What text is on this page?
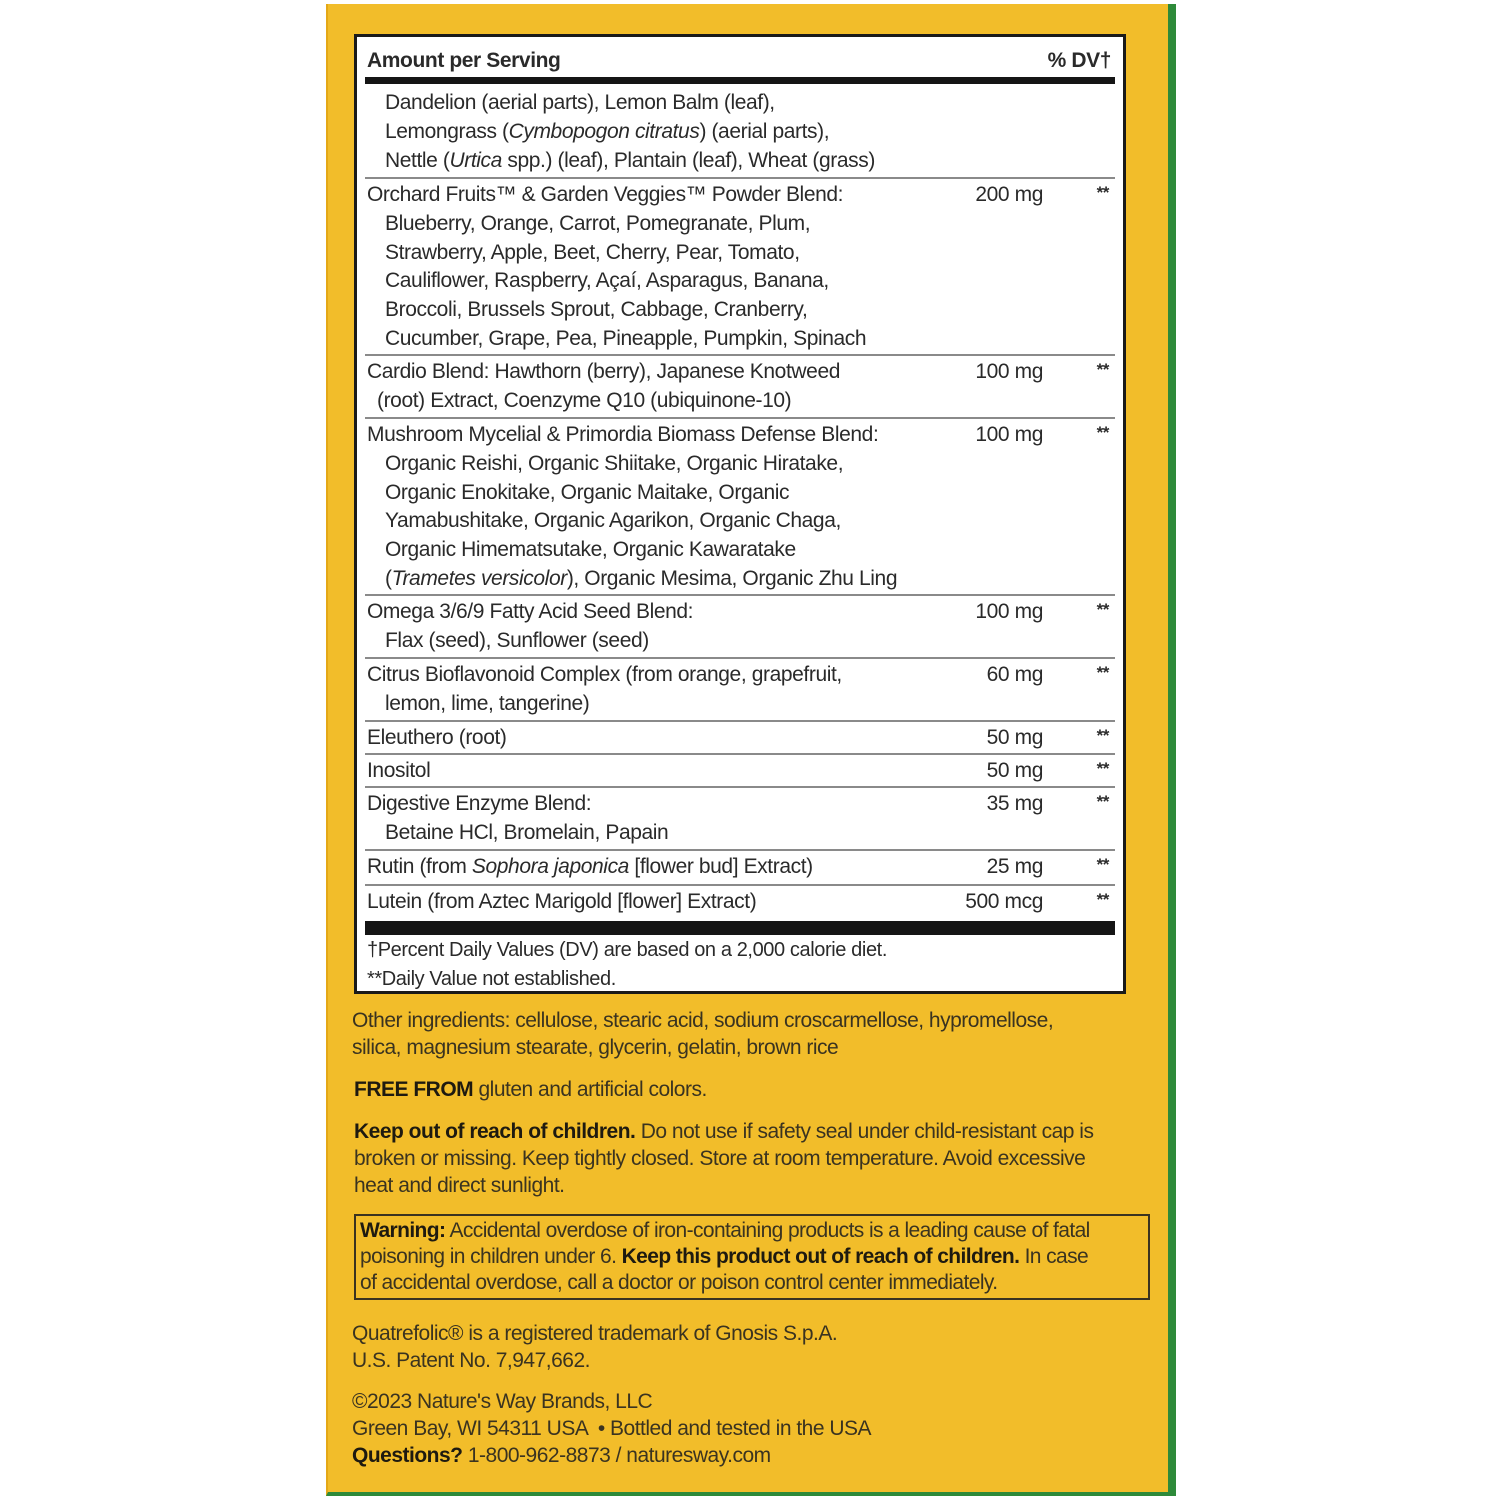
Amount per Serving	% DV†
Dandelion (aerial parts), Lemon Balm (leaf),
Lemongrass (Cymbopogon citratus) (aerial parts),
Nettle (Urtica spp.) (leaf), Plantain (leaf), Wheat (grass)
Orchard Fruits™ & Garden Veggies™ Powder Blend:
Blueberry, Orange, Carrot, Pomegranate, Plum,
Strawberry, Apple, Beet, Cherry, Pear, Tomato,
Cauliflower, Raspberry, Açaí, Asparagus, Banana,
Broccoli, Brussels Sprout, Cabbage, Cranberry,
Cucumber, Grape, Pea, Pineapple, Pumpkin, Spinach
200 mg	**
Cardio Blend: Hawthorn (berry), Japanese Knotweed
(root) Extract, Coenzyme Q10 (ubiquinone-10)
100 mg	**
Mushroom Mycelial & Primordia Biomass Defense Blend:
Organic Reishi, Organic Shiitake, Organic Hiratake,
Organic Enokitake, Organic Maitake, Organic
Yamabushitake, Organic Agarikon, Organic Chaga,
Organic Himematsutake, Organic Kawaratake
(Trametes versicolor), Organic Mesima, Organic Zhu Ling
100 mg	**
Omega 3/6/9 Fatty Acid Seed Blend:
Flax (seed), Sunflower (seed)
100 mg	**
Citrus Bioflavonoid Complex (from orange, grapefruit,
lemon, lime, tangerine)
60 mg	**
Eleuthero (root)	50 mg	**
Inositol	50 mg	**
Digestive Enzyme Blend:
Betaine HCl, Bromelain, Papain
35 mg	**
Rutin (from Sophora japonica [flower bud] Extract)	25 mg	**
Lutein (from Aztec Marigold [flower] Extract)	500 mcg	**
†Percent Daily Values (DV) are based on a 2,000 calorie diet.
**Daily Value not established.
Other ingredients: cellulose, stearic acid, sodium croscarmellose, hypromellose,
silica, magnesium stearate, glycerin, gelatin, brown rice
FREE FROM gluten and artificial colors.
Keep out of reach of children. Do not use if safety seal under child-resistant cap is
broken or missing. Keep tightly closed. Store at room temperature. Avoid excessive
heat and direct sunlight.
Warning: Accidental overdose of iron-containing products is a leading cause of fatal
poisoning in children under 6. Keep this product out of reach of children. In case
of accidental overdose, call a doctor or poison control center immediately.
Quatrefolic® is a registered trademark of Gnosis S.p.A.
U.S. Patent No. 7,947,662.
©2023 Nature's Way Brands, LLC
Green Bay, WI 54311 USA  • Bottled and tested in the USA
Questions? 1-800-962-8873 / naturesway.com
